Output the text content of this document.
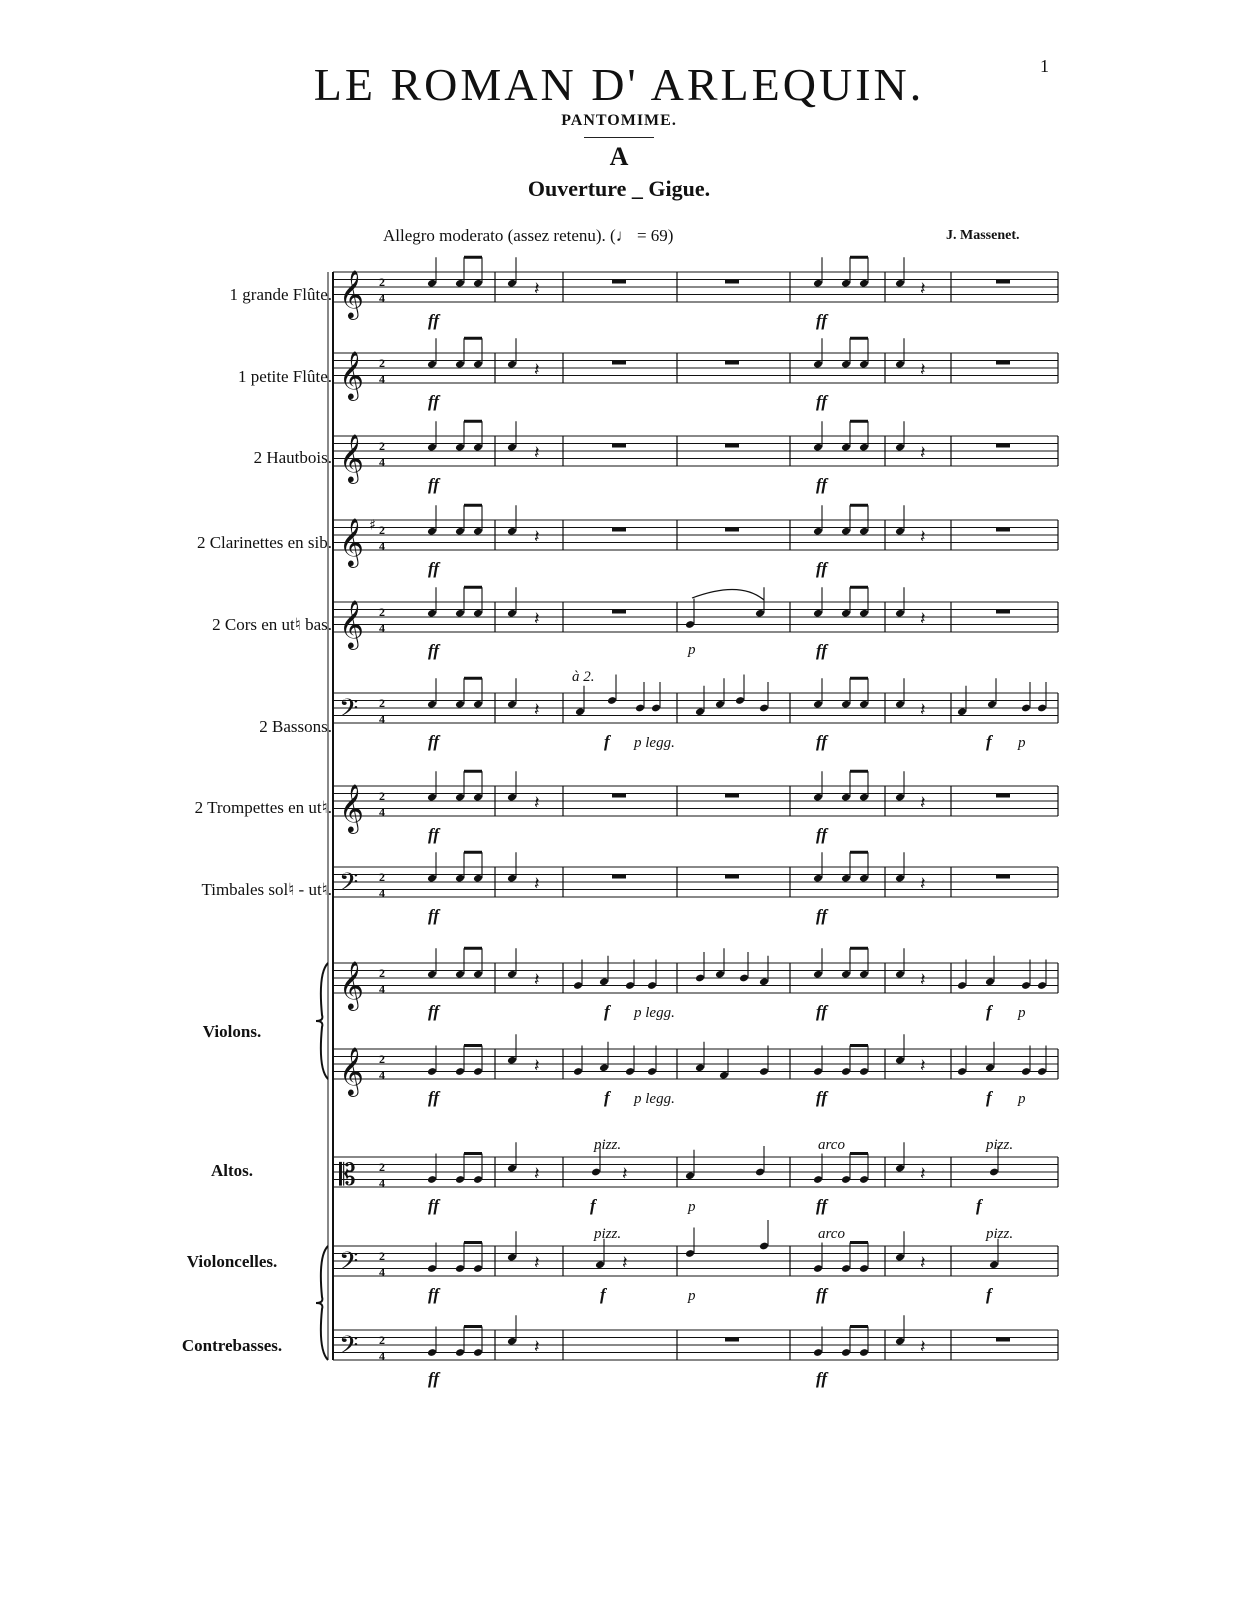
LE ROMAN D' ARLEQUIN.	1
PANTOMIME.
A
Ouverture _ Gigue.
Allegro moderato (assez retenu). (♩ = 69)	J. Massenet.
1 grande Flûte.
1 petite Flûte.
2 Hautbois.
2 Clarinettes en sib.
2 Cors en ut♮ bas.
2 Bassons.
2 Trompettes en ut♮.
Timbales sol♮ - ut♮.
Violons.
Altos.
Violoncelles.
Contrebasses.
𝄞 2
4
𝄞 2
4
𝄞 2
4
𝄞 2
4
♯
𝄞 2
4
𝄢 2
4
𝄞 2
4
𝄢 2
4
𝄞 2
4
𝄞 2
4
𝄡 2
4
𝄢 2
4
𝄢 2
4
𝄽	𝄽
𝄽	𝄽
𝄽	𝄽
𝄽	𝄽
𝄽	𝄽
𝄽	𝄽
𝄽	𝄽
𝄽	𝄽
𝄽	𝄽
𝄽	𝄽
𝄽	𝄽
𝄽	𝄽
𝄽	𝄽
𝄽
𝄽
ff	ff
ff	ff
ff	ff
ff	ff
ff	ff
ff	ff
ff	ff
ff	ff
ff	ff
ff	ff
ff	ff
ff	ff
ff	ff
p
à 2.
f p legg.	f p
f p legg.	f p
f p legg.	f p
pizz.
f	p
arco	pizz.
f
pizz.
f	p
arco	pizz.
f
